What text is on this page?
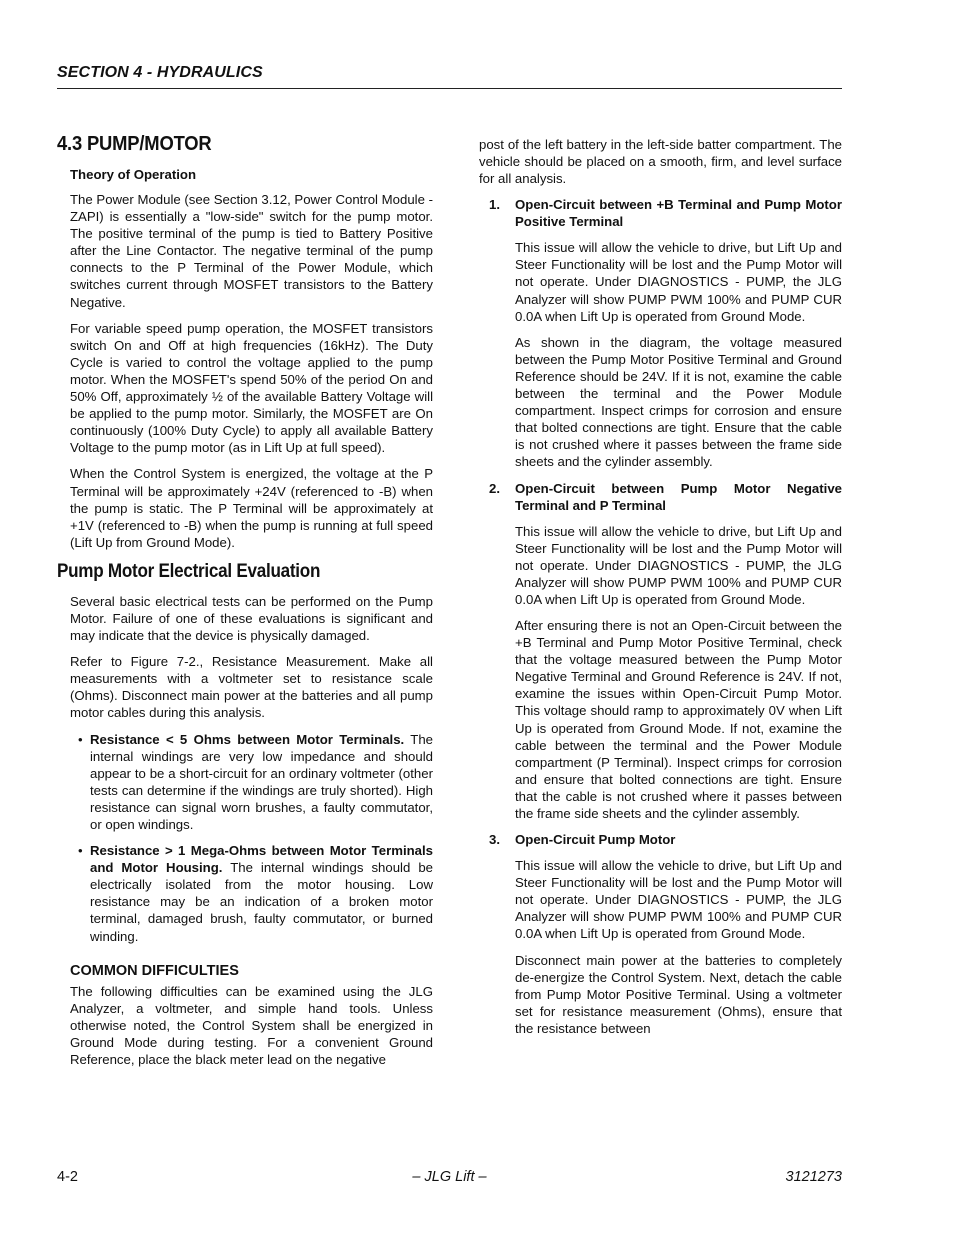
SECTION 4 - HYDRAULICS
4.3 PUMP/MOTOR
Theory of Operation

The Power Module (see Section 3.12, Power Control Module - ZAPI) is essentially a "low-side" switch for the pump motor. The positive terminal of the pump is tied to Battery Positive after the Line Contactor. The negative terminal of the pump connects to the P Terminal of the Power Module, which switches current through MOSFET transistors to the Battery Negative.

For variable speed pump operation, the MOSFET transistors switch On and Off at high frequencies (16kHz). The Duty Cycle is varied to control the voltage applied to the pump motor. When the MOSFET's spend 50% of the period On and 50% Off, approximately ½ of the available Battery Voltage will be applied to the pump motor. Similarly, the MOSFET are On continuously (100% Duty Cycle) to apply all available Battery Voltage to the pump motor (as in Lift Up at full speed).

When the Control System is energized, the voltage at the P Terminal will be approximately +24V (referenced to -B) when the pump is static. The P Terminal will be approximately at +1V (referenced to -B) when the pump is running at full speed (Lift Up from Ground Mode).

Pump Motor Electrical Evaluation

Several basic electrical tests can be performed on the Pump Motor. Failure of one of these evaluations is significant and may indicate that the device is physically damaged.

Refer to Figure 7-2., Resistance Measurement. Make all measurements with a voltmeter set to resistance scale (Ohms). Disconnect main power at the batteries and all pump motor cables during this analysis.

• Resistance < 5 Ohms between Motor Terminals. The internal windings are very low impedance and should appear to be a short-circuit for an ordinary voltmeter (other tests can determine if the windings are truly shorted). High resistance can signal worn brushes, a faulty commutator, or open windings.

• Resistance > 1 Mega-Ohms between Motor Terminals and Motor Housing. The internal windings should be electrically isolated from the motor housing. Low resistance may be an indication of a broken motor terminal, damaged brush, faulty commutator, or burned winding.

COMMON DIFFICULTIES

The following difficulties can be examined using the JLG Analyzer, a voltmeter, and simple hand tools. Unless otherwise noted, the Control System shall be energized in Ground Mode during testing. For a convenient Ground Reference, place the black meter lead on the negative

post of the left battery in the left-side batter compartment. The vehicle should be placed on a smooth, firm, and level surface for all analysis.

1. Open-Circuit between +B Terminal and Pump Motor Positive Terminal

This issue will allow the vehicle to drive, but Lift Up and Steer Functionality will be lost and the Pump Motor will not operate. Under DIAGNOSTICS - PUMP, the JLG Analyzer will show PUMP PWM 100% and PUMP CUR 0.0A when Lift Up is operated from Ground Mode.

As shown in the diagram, the voltage measured between the Pump Motor Positive Terminal and Ground Reference should be 24V. If it is not, examine the cable between the terminal and the Power Module compartment. Inspect crimps for corrosion and ensure that bolted connections are tight. Ensure that the cable is not crushed where it passes between the frame side sheets and the cylinder assembly.

2. Open-Circuit between Pump Motor Negative Terminal and P Terminal

This issue will allow the vehicle to drive, but Lift Up and Steer Functionality will be lost and the Pump Motor will not operate. Under DIAGNOSTICS - PUMP, the JLG Analyzer will show PUMP PWM 100% and PUMP CUR 0.0A when Lift Up is operated from Ground Mode.

After ensuring there is not an Open-Circuit between the +B Terminal and Pump Motor Positive Terminal, check that the voltage measured between the Pump Motor Negative Terminal and Ground Reference is 24V. If not, examine the issues within Open-Circuit Pump Motor. This voltage should ramp to approximately 0V when Lift Up is operated from Ground Mode. If not, examine the cable between the terminal and the Power Module compartment (P Terminal). Inspect crimps for corrosion and ensure that bolted connections are tight. Ensure that the cable is not crushed where it passes between the frame side sheets and the cylinder assembly.

3. Open-Circuit Pump Motor

This issue will allow the vehicle to drive, but Lift Up and Steer Functionality will be lost and the Pump Motor will not operate. Under DIAGNOSTICS - PUMP, the JLG Analyzer will show PUMP PWM 100% and PUMP CUR 0.0A when Lift Up is operated from Ground Mode.

Disconnect main power at the batteries to completely de-energize the Control System. Next, detach the cable from Pump Motor Positive Terminal. Using a voltmeter set for resistance measurement (Ohms), ensure that the resistance between

4-2	– JLG Lift –	3121273
